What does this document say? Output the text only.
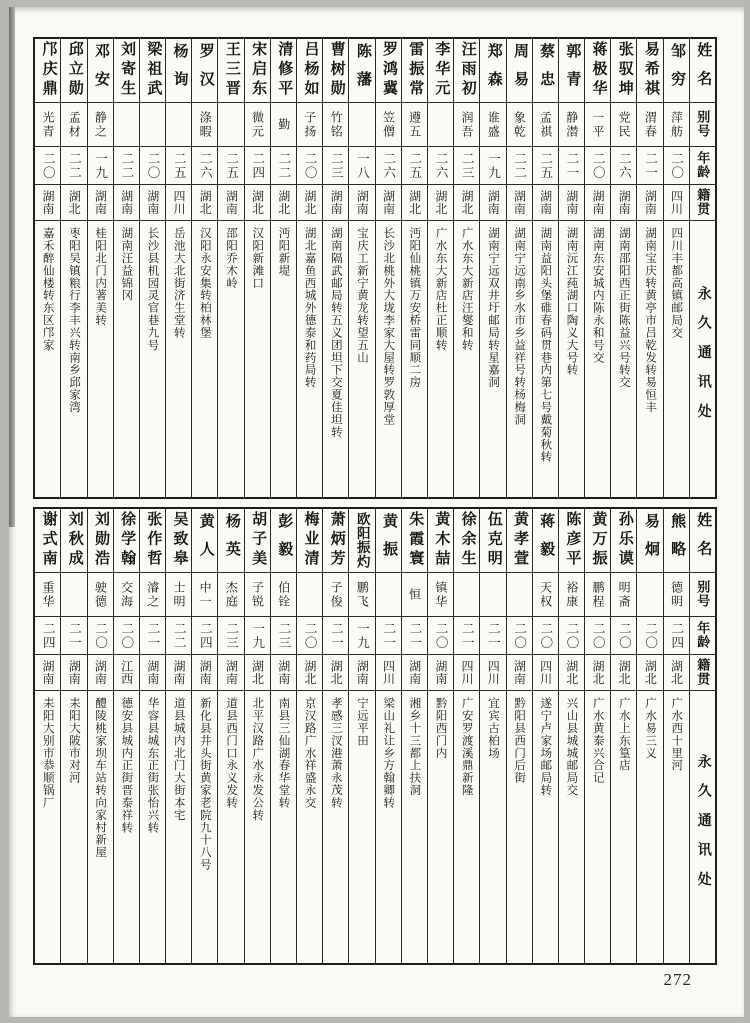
姓名
别号
年龄
籍贯
永久通讯处
邹穷
萍舫
二〇
四川
四川丰都高镇邮局交
易希祺
渭春
二一
湖南
湖南宝庆转黄亭市吕乾发转易恒丰
张驭坤
党民
二六
湖南
湖南邵阳西正街陈益兴号转交
蒋极华
一平
二〇
湖南
湖南东安城内陈永和号交
郭青
静潜
二一
湖南
湖南沅江莼湖口陶义大号转
蔡忠
孟祺
二五
湖南
湖南益阳头堡碓春码贯巷内第七号戴菊秋转
周易
象乾
二二
湖南
湖南宁远南乡水市乡益祥号转杨梅洞
郑森
谁盛
一九
湖南
湖南宁远双井圩邮局转星嘉洞
汪雨初
润吾
二三
湖北
广水东大新店汪燮和转
李华元
二六
湖北
广水东大新店杜正顺转
雷振常
遵五
二五
湖北
沔阳仙桃镇万安桥雷同顺二房
罗鸿冀
笠僧
二六
湖南
长沙北桃外大垅李家大屋转罗敦厚堂
陈藩
一八
湖南
宝庆工新宁黄龙转望五山
曹树勋
竹铭
二三
湖南
湖南隔武邮局转五义团坦下交夏佳坦转
吕杨如
子扬
二〇
湖北
湖北嘉鱼西城外德泰和药局转
清修平
勤
二二
湖北
沔阳新堤
宋启东
微元
二四
湖北
汉阳新滩口
王三晋
二五
湖南
邵阳乔木岭
罗汉
涤暇
二六
湖北
汉阳永安集转柏林堡
杨询
二五
四川
岳池大北街济生堂转
梁祖武
二〇
湖南
长沙县机园灵官巷九号
刘寄生
二二
湖南
湖南汪益锦冈
邓安
静之
一九
湖南
桂阳北门内著美转
邱立勋
孟材
二二
湖北
枣阳吴镇粮行李丰兴转南乡邱家湾
邝庆鼎
光青
二〇
湖南
嘉禾醉仙楼转东区邝家
姓名
别号
年龄
籍贯
永久通讯处
熊略
德明
二四
湖北
广水西十里河
易炯
二〇
湖北
广水易三义
孙乐谟
明斋
二〇
湖北
广水上东篁店
黄万振
鹏程
二〇
湖北
广水黄泰兴合记
陈彦平
裕康
二〇
湖北
兴山县城城邮局交
蒋毅
天权
二〇
四川
遂宁卢家场邮局转
黄孝萱
二〇
湖南
黔阳县西门后街
伍克明
二一
四川
宜宾古柏场
徐余生
二一
四川
广安罗渡溪鼎新隆
黄木喆
镇华
二〇
湖南
黔阳西门内
朱霞寰
恒
二一
湖南
湘乡十三都上扶洞
黄振
二一
四川
梁山礼让乡方翰卿转
欧阳振灼
鹏飞
一九
湖南
宁远平田
萧炳芳
子俊
二一
湖北
孝感三汊港萧永茂转
梅业清
二〇
湖北
京汉路广水祥盛永交
彭毅
伯铨
二三
湖南
南县三仙湖春华堂转
胡子美
子锐
一九
湖北
北平汉路广水永发公转
杨英
杰庭
二三
湖南
道县西门口永义发转
黄人
中一
二四
湖南
新化县井头街黄家老院九十八号
吴致皋
士明
二二
湖南
道县城内北门大街本宅
张作哲
濬之
二一
湖南
华容县城东正街张怡兴转
徐学翰
交海
二〇
江西
德安县城内正街晋泰祥转
刘勋浩
驶德
二〇
湖南
醴陵桃家坝车站转向家村新屋
刘秋成
二一
湖南
耒阳大陂市对河
谢式南
重华
二四
湖南
耒阳大别市恭顺锅厂
272
